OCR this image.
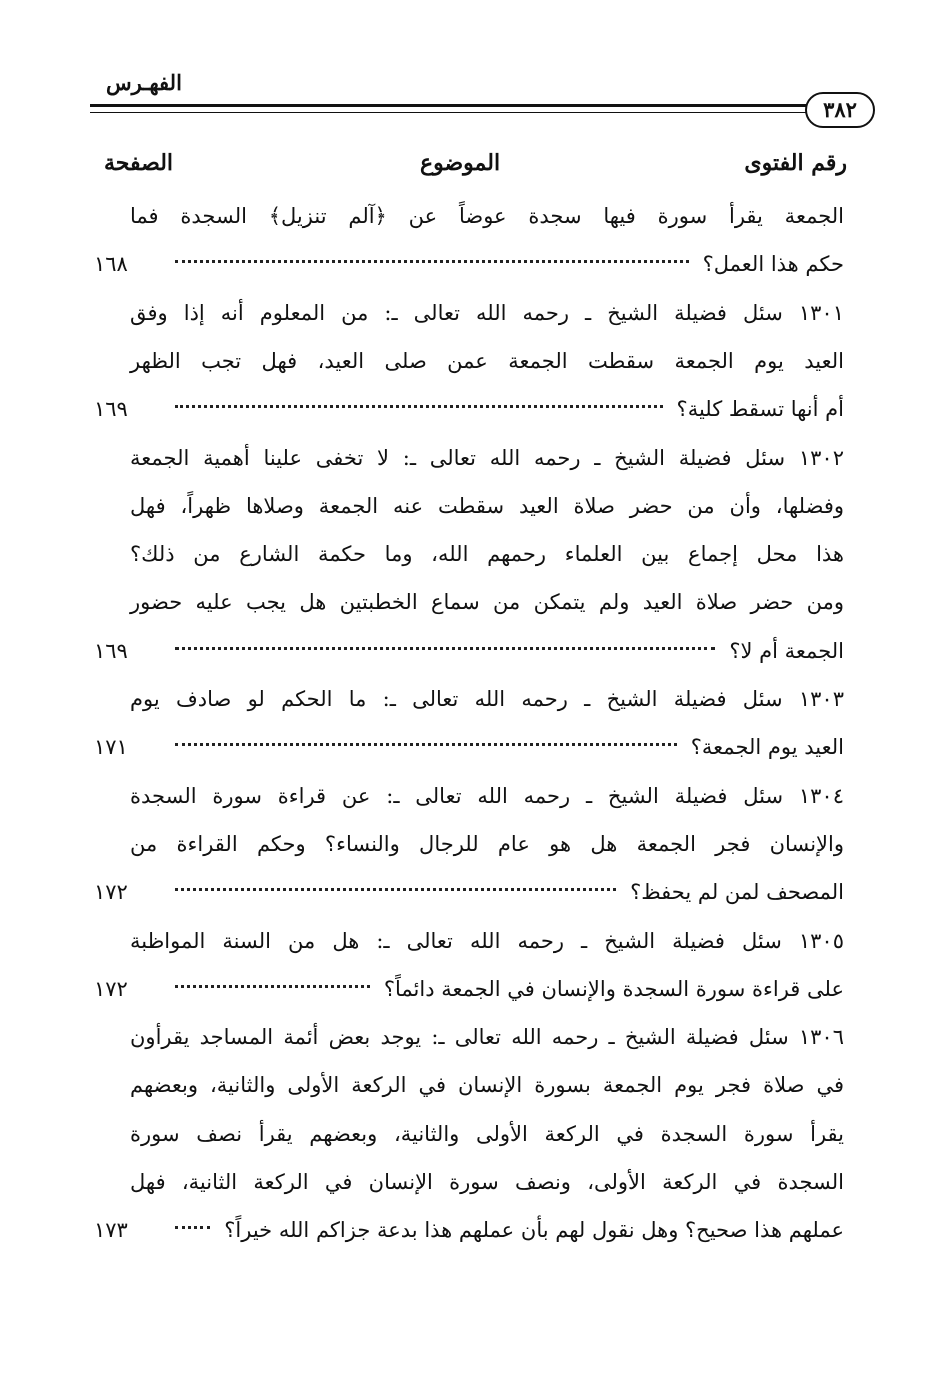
الفهـرس
٣٨٢
رقم الفتوى
الموضوع
الصفحة
الجمعة يقرأ سورة فيها سجدة عوضاً عن ﴿آلم تنزيل﴾ السجدة فما
حكم هذا العمل؟
١٦٨
١٣٠١ سئل فضيلة الشيخ ـ رحمه الله تعالى ـ: من المعلوم أنه إذا وفق
العيد يوم الجمعة سقطت الجمعة عمن صلى العيد، فهل تجب الظهر
أم أنها تسقط كلية؟
١٦٩
١٣٠٢ سئل فضيلة الشيخ ـ رحمه الله تعالى ـ: لا تخفى علينا أهمية الجمعة
وفضلها، وأن من حضر صلاة العيد سقطت عنه الجمعة وصلاها ظهراً، فهل
هذا محل إجماع بين العلماء رحمهم الله، وما حكمة الشارع من ذلك؟
ومن حضر صلاة العيد ولم يتمكن من سماع الخطبتين هل يجب عليه حضور
الجمعة أم لا؟
١٦٩
١٣٠٣ سئل فضيلة الشيخ ـ رحمه الله تعالى ـ: ما الحكم لو صادف يوم
العيد يوم الجمعة؟
١٧١
١٣٠٤ سئل فضيلة الشيخ ـ رحمه الله تعالى ـ: عن قراءة سورة السجدة
والإنسان فجر الجمعة هل هو عام للرجال والنساء؟ وحكم القراءة من
المصحف لمن لم يحفظ؟
١٧٢
١٣٠٥ سئل فضيلة الشيخ ـ رحمه الله تعالى ـ: هل من السنة المواظبة
على قراءة سورة السجدة والإنسان في الجمعة دائماً؟
١٧٢
١٣٠٦ سئل فضيلة الشيخ ـ رحمه الله تعالى ـ: يوجد بعض أئمة المساجد يقرأون
في صلاة فجر يوم الجمعة بسورة الإنسان في الركعة الأولى والثانية، وبعضهم
يقرأ سورة السجدة في الركعة الأولى والثانية، وبعضهم يقرأ نصف سورة
السجدة في الركعة الأولى، ونصف سورة الإنسان في الركعة الثانية، فهل
عملهم هذا صحيح؟ وهل نقول لهم بأن عملهم هذا بدعة جزاكم الله خيراً؟
١٧٣
